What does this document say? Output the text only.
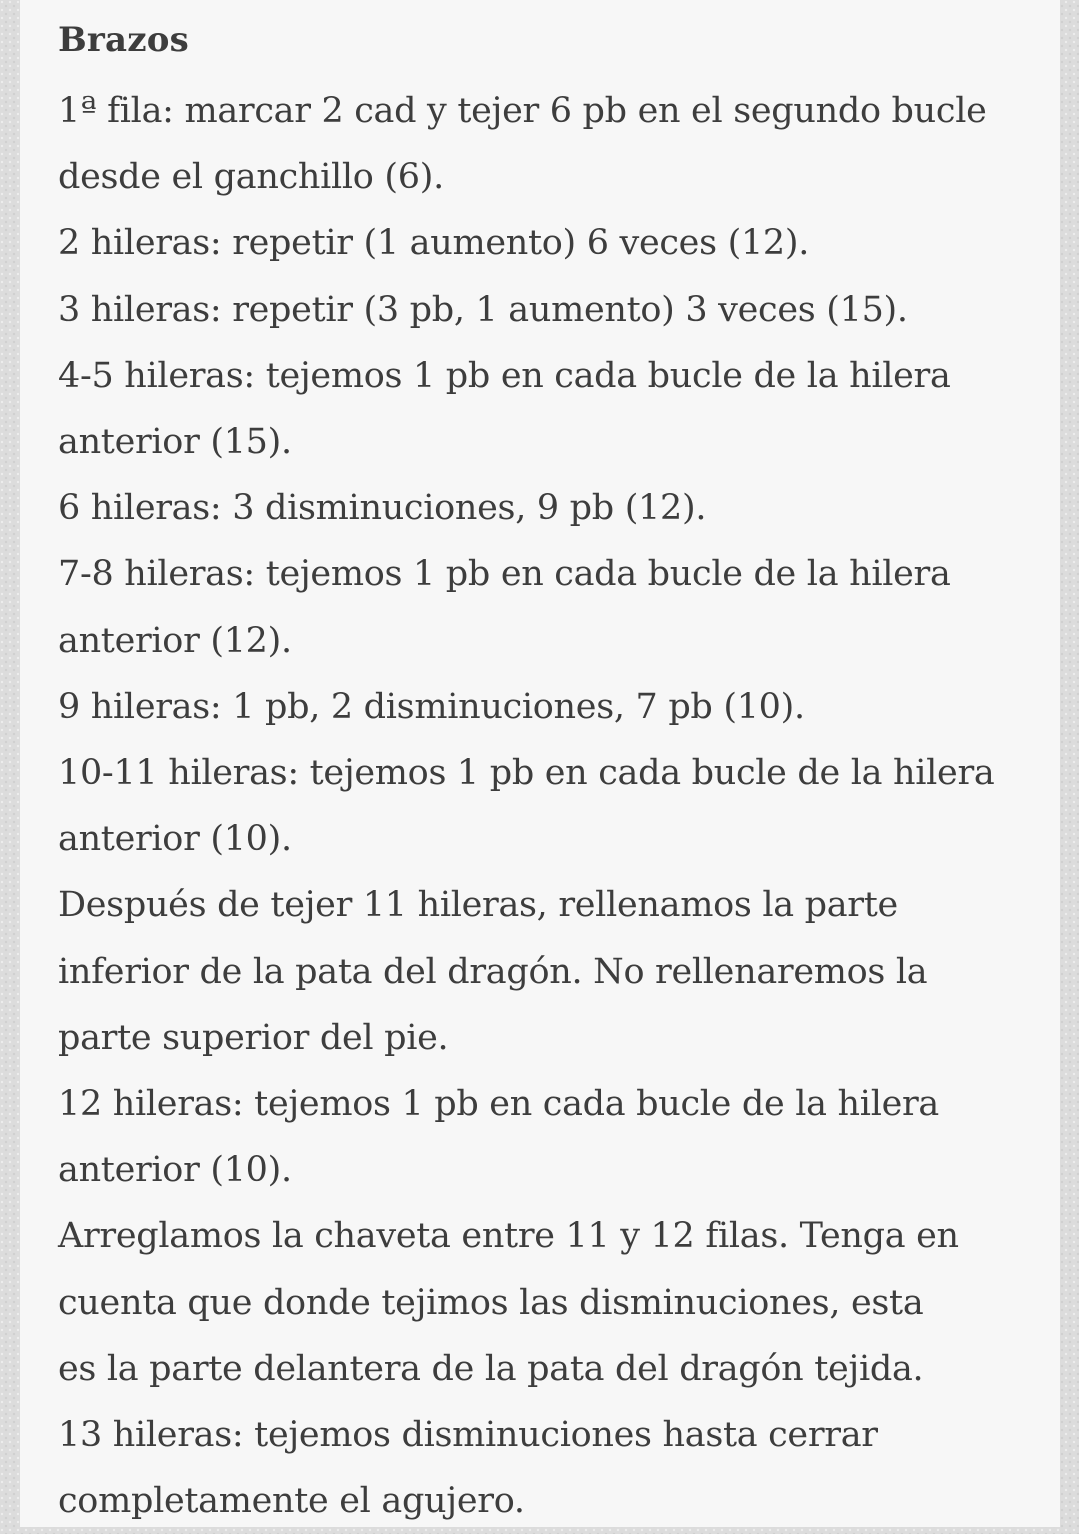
Brazos
1ª fila: marcar 2 cad y tejer 6 pb en el segundo bucle
desde el ganchillo (6).
2 hileras: repetir (1 aumento) 6 veces (12).
3 hileras: repetir (3 pb, 1 aumento) 3 veces (15).
4-5 hileras: tejemos 1 pb en cada bucle de la hilera
anterior (15).
6 hileras: 3 disminuciones, 9 pb (12).
7-8 hileras: tejemos 1 pb en cada bucle de la hilera
anterior (12).
9 hileras: 1 pb, 2 disminuciones, 7 pb (10).
10-11 hileras: tejemos 1 pb en cada bucle de la hilera
anterior (10).
Después de tejer 11 hileras, rellenamos la parte
inferior de la pata del dragón. No rellenaremos la
parte superior del pie.
12 hileras: tejemos 1 pb en cada bucle de la hilera
anterior (10).
Arreglamos la chaveta entre 11 y 12 filas. Tenga en
cuenta que donde tejimos las disminuciones, esta
es la parte delantera de la pata del dragón tejida.
13 hileras: tejemos disminuciones hasta cerrar
completamente el agujero.
